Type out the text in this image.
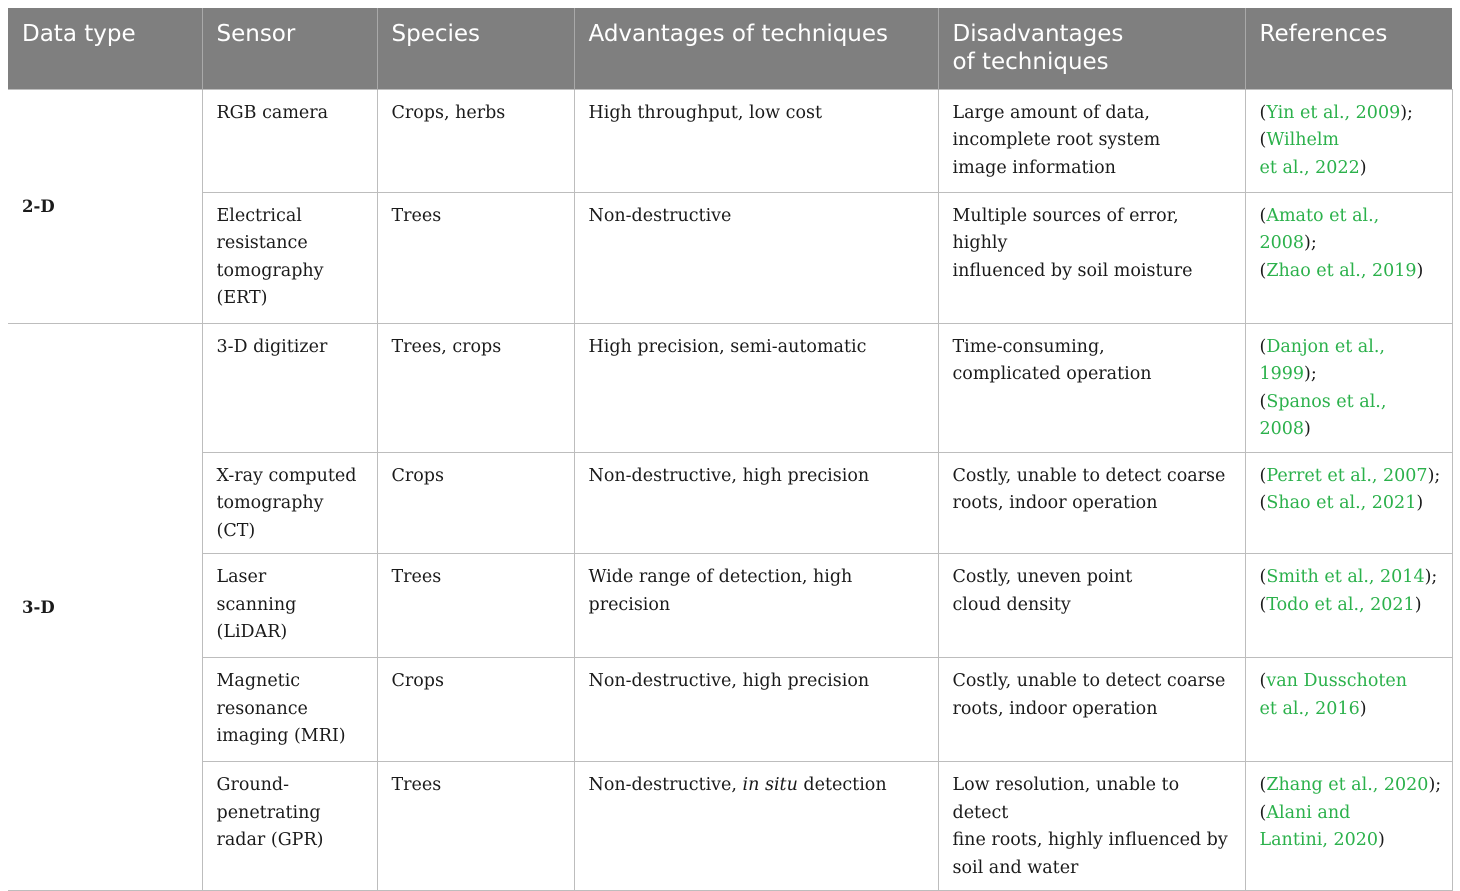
Data type	Sensor	Species	Advantages of techniques	Disadvantages
of techniques	References
2-D	RGB camera	Crops, herbs	High throughput, low cost	Large amount of data,
incomplete root system
image information	(Yin et al., 2009);
(Wilhelm
et al., 2022)

	Electrical
resistance
tomography
(ERT)	Trees	Non-destructive	Multiple sources of error, highly
influenced by soil moisture	(Amato et al., 2008);
(Zhao et al., 2019)

3-D	3-D digitizer	Trees, crops	High precision, semi-automatic	Time-consuming,
complicated operation	(Danjon et al., 1999);
(Spanos et al., 2008)

	X-ray computed
tomography (CT)	Crops	Non-destructive, high precision	Costly, unable to detect coarse
roots, indoor operation	(Perret et al., 2007);
(Shao et al., 2021)

	Laser
scanning
(LiDAR)	Trees	Wide range of detection, high precision	Costly, uneven point
cloud density	(Smith et al., 2014);
(Todo et al., 2021)

	Magnetic
resonance
imaging (MRI)	Crops	Non-destructive, high precision	Costly, unable to detect coarse
roots, indoor operation	(van Dusschoten
et al., 2016)

	Ground-
penetrating
radar (GPR)	Trees	Non-destructive, in situ detection	Low resolution, unable to detect
fine roots, highly influenced by
soil and water	(Zhang et al., 2020);
(Alani and
Lantini, 2020)
